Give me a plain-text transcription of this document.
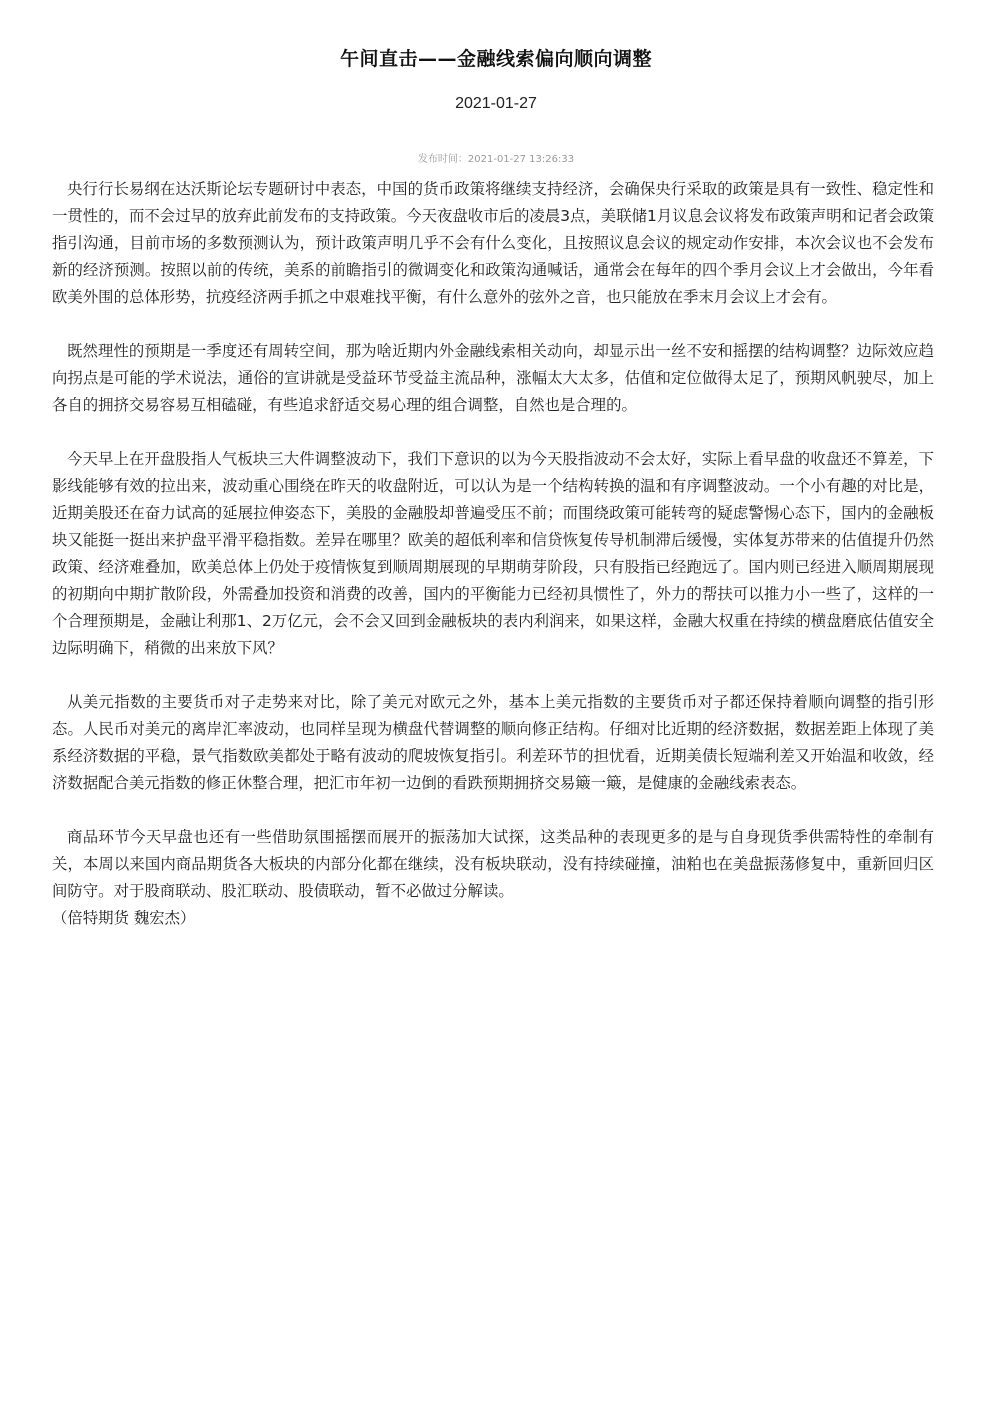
午间直击——金融线索偏向顺向调整
2021-01-27
发布时间：2021-01-27 13:26:33

央行行长易纲在达沃斯论坛专题研讨中表态，中国的货币政策将继续支持经济，会确保央行采取的政策是具有一致性、稳定性和一贯性的，而不会过早的放弃此前发布的支持政策。今天夜盘收市后的凌晨3点，美联储1月议息会议将发布政策声明和记者会政策指引沟通，目前市场的多数预测认为，预计政策声明几乎不会有什么变化，且按照议息会议的规定动作安排，本次会议也不会发布新的经济预测。按照以前的传统，美系的前瞻指引的微调变化和政策沟通喊话，通常会在每年的四个季月会议上才会做出，今年看欧美外围的总体形势，抗疫经济两手抓之中艰难找平衡，有什么意外的弦外之音，也只能放在季末月会议上才会有。

既然理性的预期是一季度还有周转空间，那为啥近期内外金融线索相关动向，却显示出一丝不安和摇摆的结构调整？边际效应趋向拐点是可能的学术说法，通俗的宣讲就是受益环节受益主流品种，涨幅太大太多，估值和定位做得太足了，预期风帆驶尽，加上各自的拥挤交易容易互相磕碰，有些追求舒适交易心理的组合调整，自然也是合理的。

今天早上在开盘股指人气板块三大件调整波动下，我们下意识的以为今天股指波动不会太好，实际上看早盘的收盘还不算差，下影线能够有效的拉出来，波动重心围绕在昨天的收盘附近，可以认为是一个结构转换的温和有序调整波动。一个小有趣的对比是，近期美股还在奋力试高的延展拉伸姿态下，美股的金融股却普遍受压不前；而围绕政策可能转弯的疑虑警惕心态下，国内的金融板块又能挺一挺出来护盘平滑平稳指数。差异在哪里？欧美的超低利率和信贷恢复传导机制滞后缓慢，实体复苏带来的估值提升仍然政策、经济难叠加，欧美总体上仍处于疫情恢复到顺周期展现的早期萌芽阶段，只有股指已经跑远了。国内则已经进入顺周期展现的初期向中期扩散阶段，外需叠加投资和消费的改善，国内的平衡能力已经初具惯性了，外力的帮扶可以推力小一些了，这样的一个合理预期是，金融让利那1、2万亿元，会不会又回到金融板块的表内利润来，如果这样，金融大权重在持续的横盘磨底估值安全边际明确下，稍微的出来放下风？

从美元指数的主要货币对子走势来对比，除了美元对欧元之外，基本上美元指数的主要货币对子都还保持着顺向调整的指引形态。人民币对美元的离岸汇率波动，也同样呈现为横盘代替调整的顺向修正结构。仔细对比近期的经济数据，数据差距上体现了美系经济数据的平稳，景气指数欧美都处于略有波动的爬坡恢复指引。利差环节的担忧看，近期美债长短端利差又开始温和收敛，经济数据配合美元指数的修正休整合理，把汇市年初一边倒的看跌预期拥挤交易簸一簸，是健康的金融线索表态。

商品环节今天早盘也还有一些借助氛围摇摆而展开的振荡加大试探，这类品种的表现更多的是与自身现货季供需特性的牵制有关，本周以来国内商品期货各大板块的内部分化都在继续，没有板块联动，没有持续碰撞，油粕也在美盘振荡修复中，重新回归区间防守。对于股商联动、股汇联动、股债联动，暂不必做过分解读。

（倍特期货 魏宏杰）
